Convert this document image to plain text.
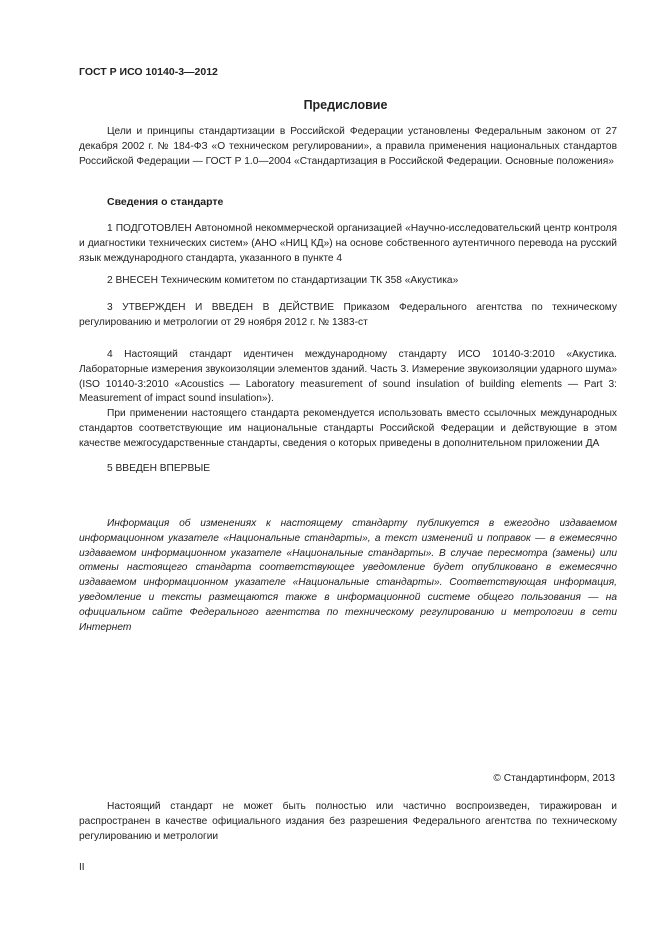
ГОСТ Р ИСО 10140-3—2012
Предисловие

Цели и принципы стандартизации в Российской Федерации установлены Федеральным законом от 27 декабря 2002 г. № 184-ФЗ «О техническом регулировании», а правила применения национальных стандартов Российской Федерации — ГОСТ Р 1.0—2004 «Стандартизация в Российской Федерации. Основные положения»

Сведения о стандарте

1 ПОДГОТОВЛЕН Автономной некоммерческой организацией «Научно-исследовательский центр контроля и диагностики технических систем» (АНО «НИЦ КД») на основе собственного аутентичного перевода на русский язык международного стандарта, указанного в пункте 4

2 ВНЕСЕН Техническим комитетом по стандартизации ТК 358 «Акустика»

3 УТВЕРЖДЕН И ВВЕДЕН В ДЕЙСТВИЕ Приказом Федерального агентства по техническому регулированию и метрологии от 29 ноября 2012 г. № 1383-ст

4 Настоящий стандарт идентичен международному стандарту ИСО 10140-3:2010 «Акустика. Лабораторные измерения звукоизоляции элементов зданий. Часть 3. Измерение звукоизоляции ударного шума» (ISO 10140-3:2010 «Acoustics — Laboratory measurement of sound insulation of building elements — Part 3: Measurement of impact sound insulation»).

При применении настоящего стандарта рекомендуется использовать вместо ссылочных международных стандартов соответствующие им национальные стандарты Российской Федерации и действующие в этом качестве межгосударственные стандарты, сведения о которых приведены в дополнительном приложении ДА

5 ВВЕДЕН ВПЕРВЫЕ

Информация об изменениях к настоящему стандарту публикуется в ежегодно издаваемом информационном указателе «Национальные стандарты», а текст изменений и поправок — в ежемесячно издаваемом информационном указателе «Национальные стандарты». В случае пересмотра (замены) или отмены настоящего стандарта соответствующее уведомление будет опубликовано в ежемесячно издаваемом информационном указателе «Национальные стандарты». Соответствующая информация, уведомление и тексты размещаются также в информационной системе общего пользования — на официальном сайте Федерального агентства по техническому регулированию и метрологии в сети Интернет

© Стандартинформ, 2013

Настоящий стандарт не может быть полностью или частично воспроизведен, тиражирован и распространен в качестве официального издания без разрешения Федерального агентства по техническому регулированию и метрологии

II
